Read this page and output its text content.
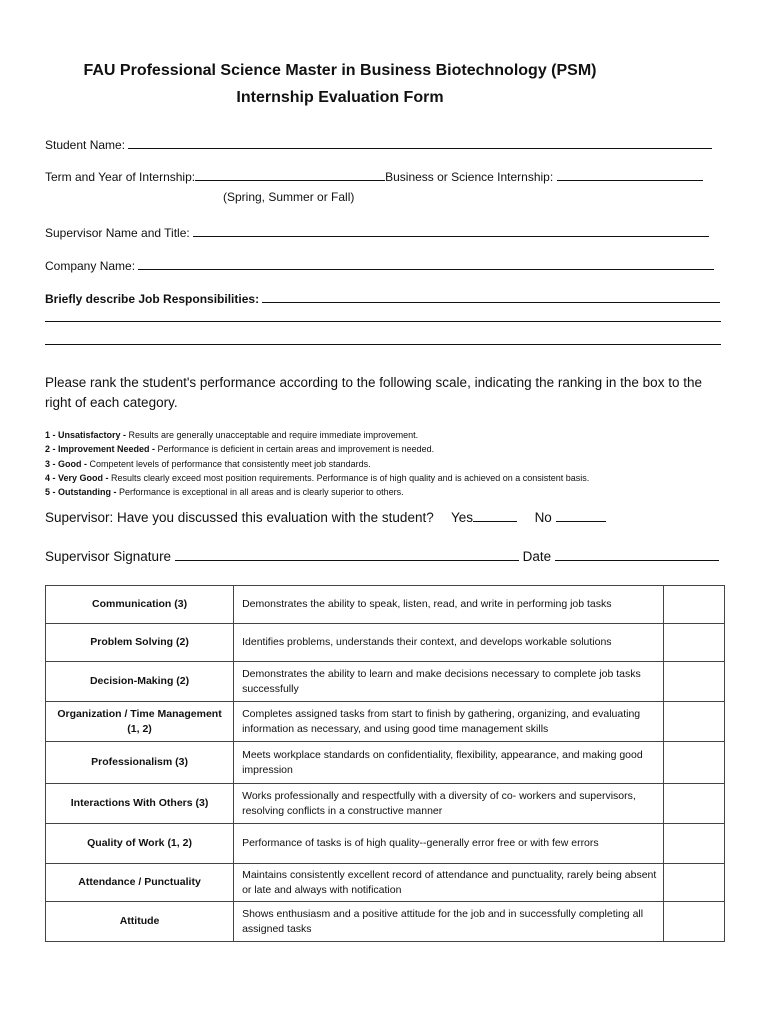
FAU Professional Science Master in Business Biotechnology (PSM)
Internship Evaluation Form
Student Name:
Term and Year of Internship:	Business or Science Internship:
(Spring, Summer or Fall)
Supervisor Name and Title:
Company Name:
Briefly describe Job Responsibilities:

Please rank the student's performance according to the following scale, indicating the ranking in the box to the right of each category.

1 - Unsatisfactory - Results are generally unacceptable and require immediate improvement.
2 - Improvement Needed - Performance is deficient in certain areas and improvement is needed.
3 - Good - Competent levels of performance that consistently meet job standards.
4 - Very Good - Results clearly exceed most position requirements. Performance is of high quality and is achieved on a consistent basis.
5 - Outstanding - Performance is exceptional in all areas and is clearly superior to others.
Supervisor: Have you discussed this evaluation with the student? Yes	No
Supervisor Signature	Date
Communication (3)	Demonstrates the ability to speak, listen, read, and write in performing job tasks	
Problem Solving (2)	Identifies problems, understands their context, and develops workable solutions	
Decision-Making (2)	Demonstrates the ability to learn and make decisions necessary to complete job tasks successfully	
Organization / Time Management (1, 2)	Completes assigned tasks from start to finish by gathering, organizing, and evaluating information as necessary, and using good time management skills	
Professionalism (3)	Meets workplace standards on confidentiality, flexibility, appearance, and making good impression	
Interactions With Others (3)	Works professionally and respectfully with a diversity of co- workers and supervisors, resolving conflicts in a constructive manner	
Quality of Work (1, 2)	Performance of tasks is of high quality--generally error free or with few errors	
Attendance / Punctuality	Maintains consistently excellent record of attendance and punctuality, rarely being absent or late and always with notification	
Attitude	Shows enthusiasm and a positive attitude for the job and in successfully completing all assigned tasks	
